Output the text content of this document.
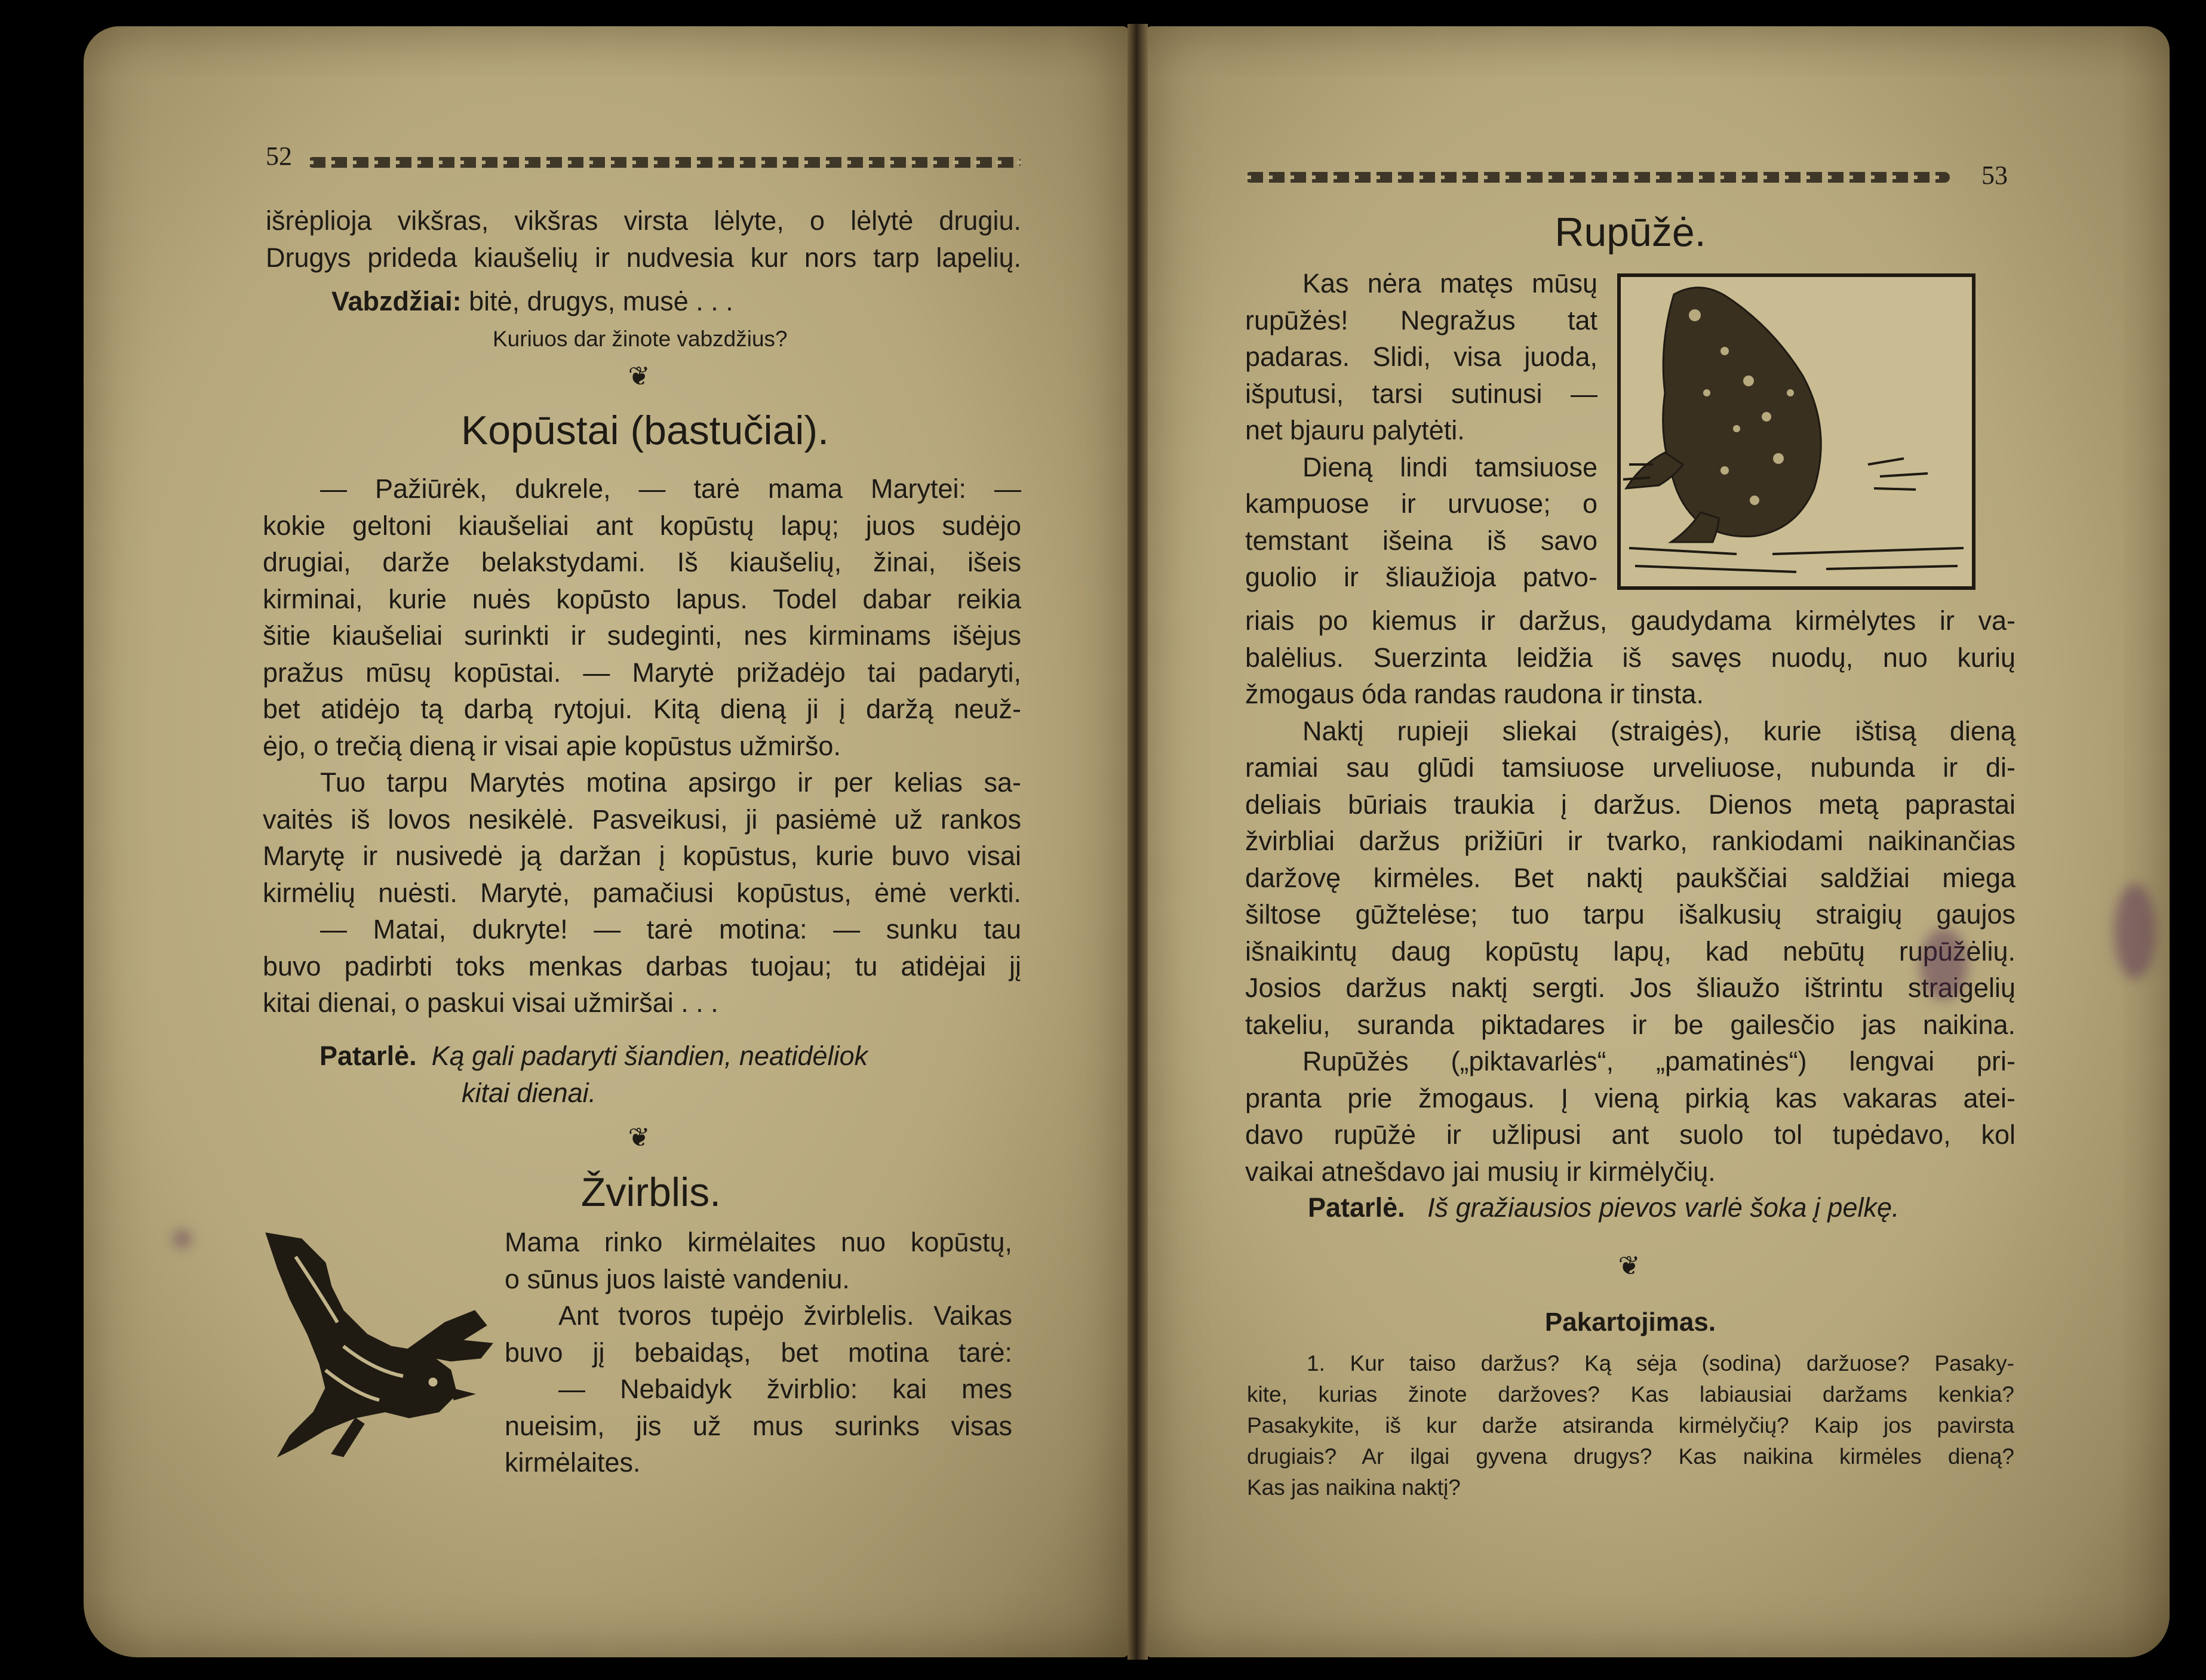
52
išrėplioja vikšras, vikšras virsta lėlyte, o lėlytė drugiu.
Drugys prideda kiaušelių ir nudvesia kur nors tarp lapelių.
Vabzdžiai: bitė, drugys, musė . . .
Kuriuos dar žinote vabzdžius?
❦
Kopūstai (bastučiai).
— Pažiūrėk, dukrele, — tarė mama Marytei: —
kokie geltoni kiaušeliai ant kopūstų lapų; juos sudėjo
drugiai, darže belakstydami. Iš kiaušelių, žinai, išeis
kirminai, kurie nuės kopūsto lapus. Todel dabar reikia
šitie kiaušeliai surinkti ir sudeginti, nes kirminams išėjus
pražus mūsų kopūstai. — Marytė prižadėjo tai padaryti,
bet atidėjo tą darbą rytojui. Kitą dieną ji į daržą neuž-
ėjo, o trečią dieną ir visai apie kopūstus užmiršo.
Tuo tarpu Marytės motina apsirgo ir per kelias sa-
vaitės iš lovos nesikėlė. Pasveikusi, ji pasiėmė už rankos
Marytę ir nusivedė ją daržan į kopūstus, kurie buvo visai
kirmėlių nuėsti. Marytė, pamačiusi kopūstus, ėmė verkti.
— Matai, dukryte! — tarė motina: — sunku tau
buvo padirbti toks menkas darbas tuojau; tu atidėjai jį
kitai dienai, o paskui visai užmiršai . . .
Patarlė. Ką gali padaryti šiandien, neatidėliok
kitai dienai.
❦
Žvirblis.
Mama rinko kirmėlaites nuo kopūstų,
o sūnus juos laistė vandeniu.
Ant tvoros tupėjo žvirblelis. Vaikas
buvo jį bebaidąs, bet motina tarė:
— Nebaidyk žvirblio: kai mes
nueisim, jis už mus surinks visas
kirmėlaites.
53
Rupūžė.
Kas nėra matęs mūsų
rupūžės! Negražus tat
padaras. Slidi, visa juoda,
išputusi, tarsi sutinusi —
net bjauru palytėti.
Dieną lindi tamsiuose
kampuose ir urvuose; o
temstant išeina iš savo
guolio ir šliaužioja patvo-
riais po kiemus ir daržus, gaudydama kirmėlytes ir va-
balėlius. Suerzinta leidžia iš savęs nuodų, nuo kurių
žmogaus óda randas raudona ir tinsta.
Naktį rupieji sliekai (straigės), kurie ištisą dieną
ramiai sau glūdi tamsiuose urveliuose, nubunda ir di-
deliais būriais traukia į daržus. Dienos metą paprastai
žvirbliai daržus prižiūri ir tvarko, rankiodami naikinančias
daržovę kirmėles. Bet naktį paukščiai saldžiai miega
šiltose gūžtelėse; tuo tarpu išalkusių straigių gaujos
išnaikintų daug kopūstų lapų, kad nebūtų rupūžėlių.
Josios daržus naktį sergti. Jos šliaužo ištrintu straigelių
takeliu, suranda piktadares ir be gailesčio jas naikina.
Rupūžės („piktavarlės“, „pamatinės“) lengvai pri-
pranta prie žmogaus. Į vieną pirkią kas vakaras atei-
davo rupūžė ir užlipusi ant suolo tol tupėdavo, kol
vaikai atnešdavo jai musių ir kirmėlyčių.
Patarlė. Iš gražiausios pievos varlė šoka į pelkę.
❦
Pakartojimas.
1. Kur taiso daržus? Ką sėja (sodina) daržuose? Pasaky-
kite, kurias žinote daržoves? Kas labiausiai daržams kenkia?
Pasakykite, iš kur darže atsiranda kirmėlyčių? Kaip jos pavirsta
drugiais? Ar ilgai gyvena drugys? Kas naikina kirmėles dieną?
Kas jas naikina naktį?
